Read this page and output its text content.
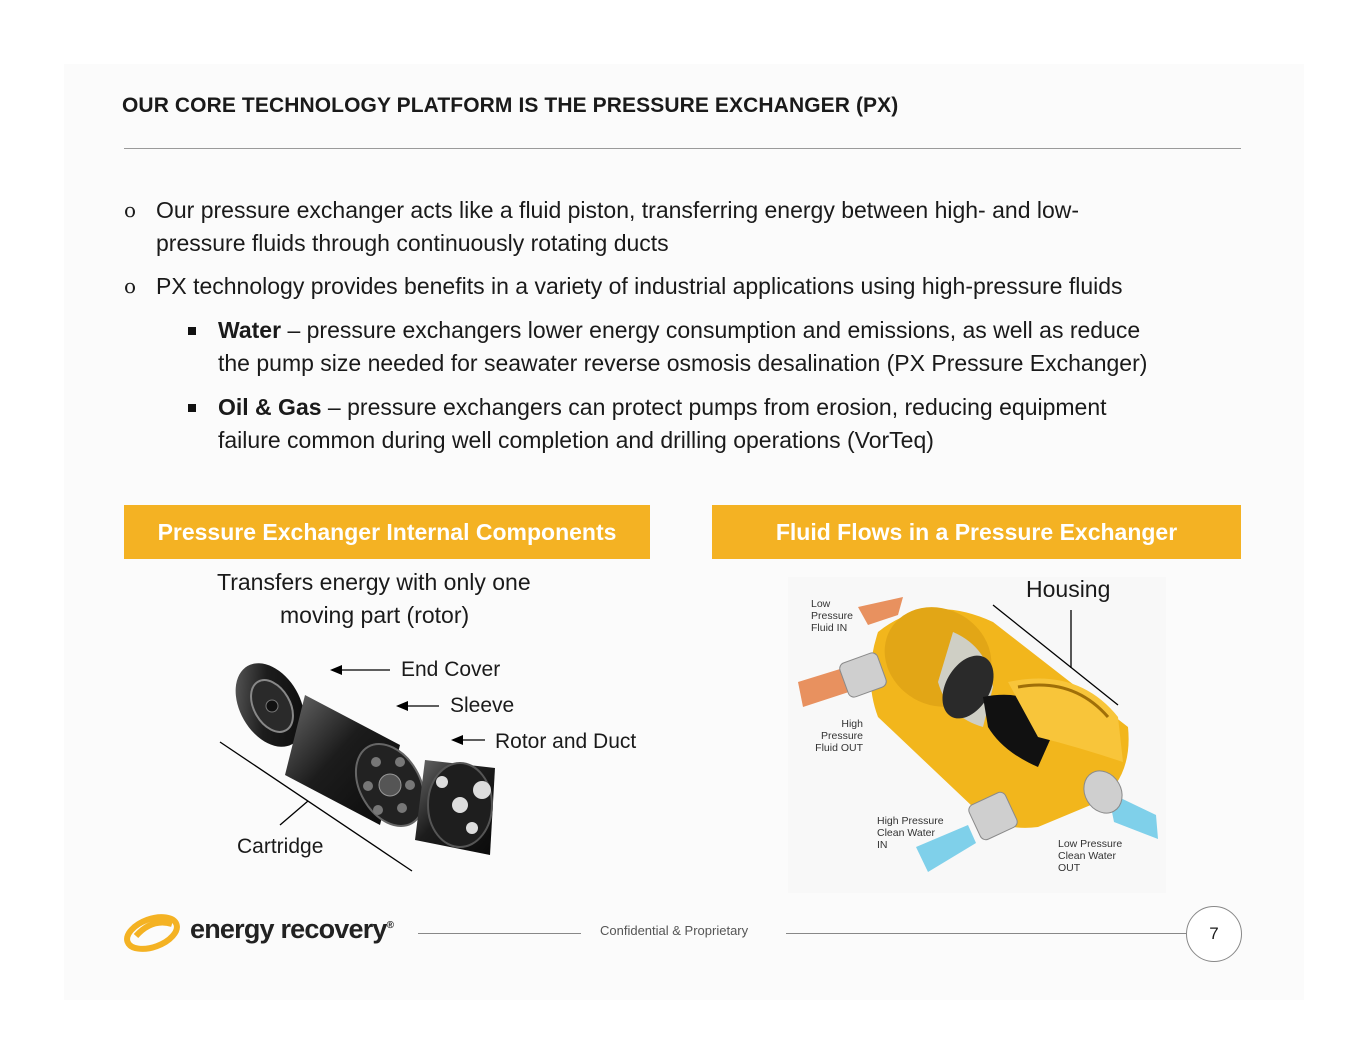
OUR CORE TECHNOLOGY PLATFORM IS THE PRESSURE EXCHANGER (PX)
o Our pressure exchanger acts like a fluid piston, transferring energy between high- and low-
pressure fluids through continuously rotating ducts
o PX technology provides benefits in a variety of industrial applications using high-pressure fluids
Water – pressure exchangers lower energy consumption and emissions, as well as reduce
the pump size needed for seawater reverse osmosis desalination (PX Pressure Exchanger)
Oil & Gas – pressure exchangers can protect pumps from erosion, reducing equipment
failure common during well completion and drilling operations (VorTeq)
Pressure Exchanger Internal Components
Transfers energy with only one
moving part (rotor)
End Cover
Sleeve
Rotor and Duct
Cartridge
Fluid Flows in a Pressure Exchanger
Housing
Low
Pressure
Fluid IN
High
Pressure
Fluid OUT
High Pressure
Clean Water
IN	Low Pressure
Clean Water
OUT
energy recovery®	Confidential & Proprietary	7
